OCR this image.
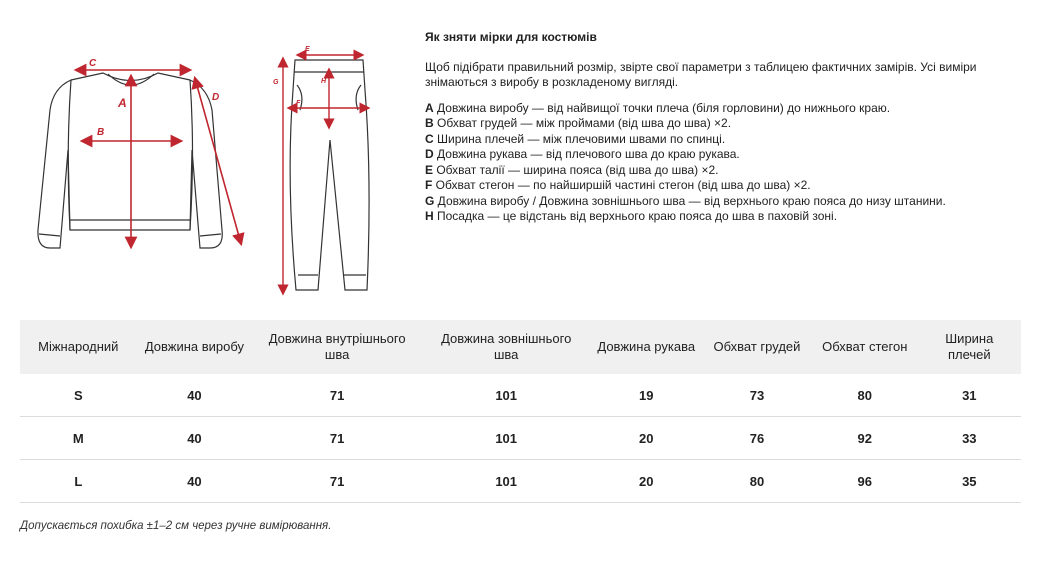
C
A
B
D
E
G	H
F
Як зняти мірки для костюмів

Щоб підібрати правильний розмір, звірте свої параметри з таблицею фактичних замірів. Усі виміри знімаються з виробу в розкладеному вигляді.

A Довжина виробу — від найвищої точки плеча (біля горловини) до нижнього краю.
B Обхват грудей — між проймами (від шва до шва) ×2.
C Ширина плечей — між плечовими швами по спинці.
D Довжина рукава — від плечового шва до краю рукава.
E Обхват талії — ширина пояса (від шва до шва) ×2.
F Обхват стегон — по найширшій частині стегон (від шва до шва) ×2.
G Довжина виробу / Довжина зовнішнього шва — від верхнього краю пояса до низу штанини.
H Посадка — це відстань від верхнього краю пояса до шва в паховій зоні.
Міжнародний	Довжина виробу	Довжина внутрішнього шва	Довжина зовнішнього шва	Довжина рукава	Обхват грудей	Обхват стегон	Ширина плечей
S	40	71	101	19	73	80	31
M	40	71	101	20	76	92	33
L	40	71	101	20	80	96	35
Допускається похибка ±1–2 см через ручне вимірювання.
